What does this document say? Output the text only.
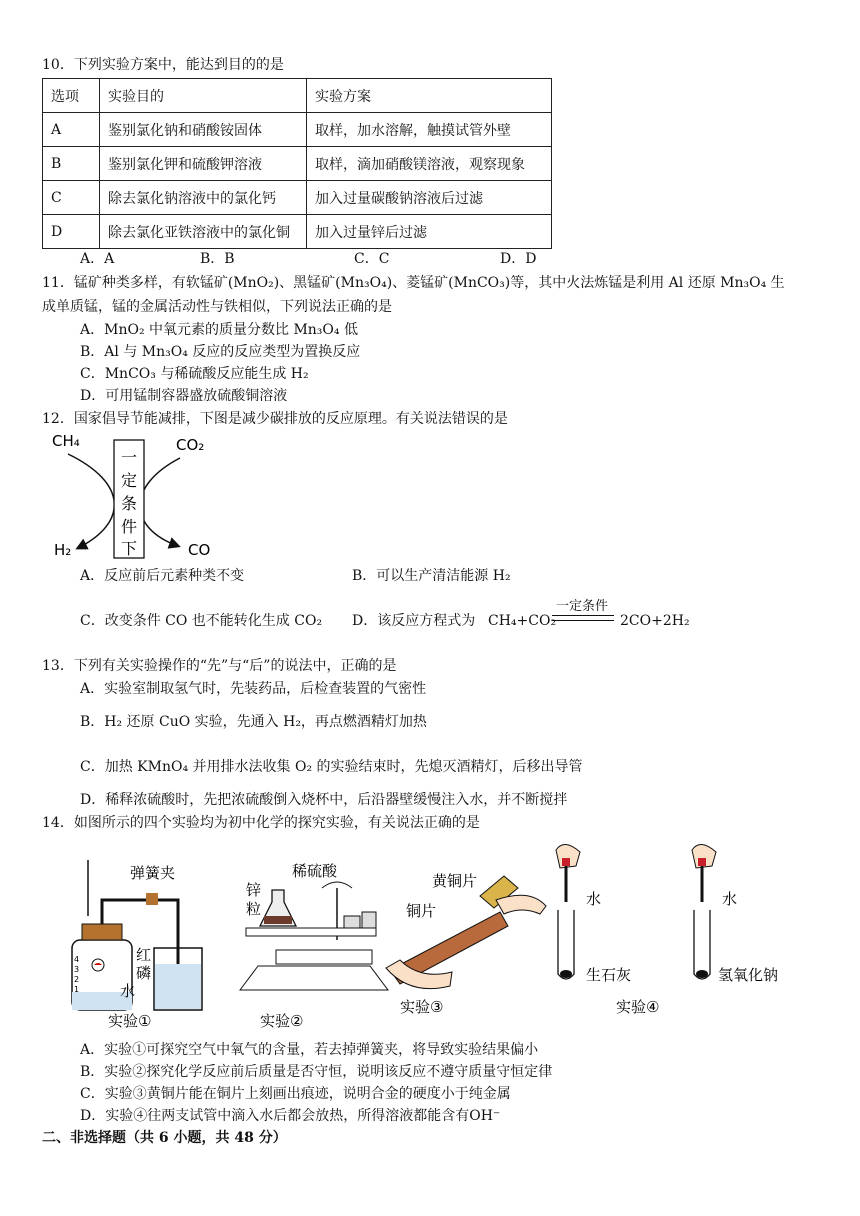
10．下列实验方案中，能达到目的的是
选项	实验目的	实验方案
A	鉴别氯化钠和硝酸铵固体	取样，加水溶解，触摸试管外壁
B	鉴别氯化钾和硫酸钾溶液	取样，滴加硝酸镁溶液，观察现象
C	除去氯化钠溶液中的氯化钙	加入过量碳酸钠溶液后过滤
D	除去氯化亚铁溶液中的氯化铜	加入过量锌后过滤
A．A	B．B	C．C	D．D
11．锰矿种类多样，有软锰矿(MnO₂)、黑锰矿(Mn₃O₄)、菱锰矿(MnCO₃)等，其中火法炼锰是利用 Al 还原 Mn₃O₄ 生
成单质锰，锰的金属活动性与铁相似，下列说法正确的是
A．MnO₂ 中氧元素的质量分数比 Mn₃O₄ 低
B．Al 与 Mn₃O₄ 反应的反应类型为置换反应
C．MnCO₃ 与稀硫酸反应能生成 H₂
D．可用锰制容器盛放硫酸铜溶液
12．国家倡导节能减排，下图是减少碳排放的反应原理。有关说法错误的是
CH₄	CO₂
一
定
条
件
下
H₂	CO
A．反应前后元素种类不变	B．可以生产清洁能源 H₂
C．改变条件 CO 也不能转化生成 CO₂ D．该反应方程式为 CH₄+CO₂
一定条件
2CO+2H₂
13．下列有关实验操作的“先”与“后”的说法中，正确的是
A．实验室制取氢气时，先装药品，后检查装置的气密性
B．H₂ 还原 CuO 实验，先通入 H₂，再点燃酒精灯加热
C．加热 KMnO₄ 并用排水法收集 O₂ 的实验结束时，先熄灭酒精灯，后移出导管
D．稀释浓硫酸时，先把浓硫酸倒入烧杯中，后沿器壁缓慢注入水，并不断搅拌
14．如图所示的四个实验均为初中化学的探究实验，有关说法正确的是
弹簧夹
4
3
2
1
红
磷
水
实验①
锌
粒
稀硫酸
实验②
黄铜片
铜片
实验③
水
生石灰
水
氢氧化钠
实验④
A．实验①可探究空气中氧气的含量，若去掉弹簧夹，将导致实验结果偏小
B．实验②探究化学反应前后质量是否守恒，说明该反应不遵守质量守恒定律
C．实验③黄铜片能在铜片上刻画出痕迹，说明合金的硬度小于纯金属
D．实验④往两支试管中滴入水后都会放热，所得溶液都能含有OH⁻
二、非选择题（共 6 小题，共 48 分）
